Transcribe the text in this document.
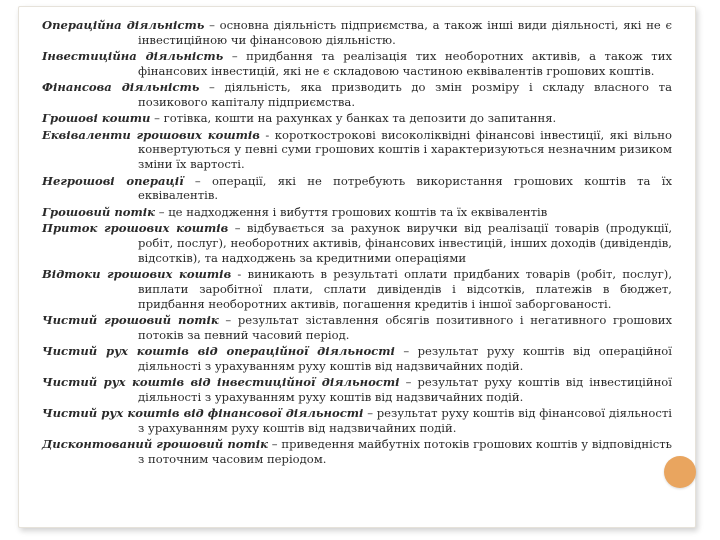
Операційна діяльність – основна діяльність підприємства, а також інші види діяльності, які не є інвестиційною чи фінансовою діяльністю.

Інвестиційна діяльність – придбання та реалізація тих необоротних активів, а також тих фінансових інвестицій, які не є складовою частиною еквівалентів грошових коштів.

Фінансова діяльність – діяльність, яка призводить до змін розміру і складу власного та позикового капіталу підприємства.

Грошові кошти – готівка, кошти на рахунках у банках та депозити до запитання.

Еквіваленти грошових коштів - короткострокові високоліквідні фінансові інвестиції, які вільно конвертуються у певні суми грошових коштів і характеризуються незначним ризиком зміни їх вартості.

Негрошові операції – операції, які не потребують використання грошових коштів та їх еквівалентів.

Грошовий потік – це надходження і вибуття грошових коштів та їх еквівалентів

Приток грошових коштів – відбувається за рахунок виручки від реалізації товарів (продукції, робіт, послуг), необоротних активів, фінансових інвестицій, інших доходів (дивідендів, відсотків), та надходжень за кредитними операціями

Відтоки грошових коштів - виникають в результаті оплати придбаних товарів (робіт, послуг), виплати заробітної плати, сплати дивідендів і відсотків, платежів в бюджет, придбання необоротних активів, погашення кредитів і іншої заборгованості.

Чистий грошовий потік – результат зіставлення обсягів позитивного і негативного грошових потоків за певний часовий період.

Чистий рух коштів від операційної діяльності – результат руху коштів від операційної діяльності з урахуванням руху коштів від надзвичайних подій.

Чистий рух коштів від інвестиційної діяльності – результат руху коштів від інвестиційної діяльності з урахуванням руху коштів від надзвичайних подій.

Чистий рух коштів від фінансової діяльності – результат руху коштів від фінансової діяльності з урахуванням руху коштів від надзвичайних подій.

Дисконтований грошовий потік – приведення майбутніх потоків грошових коштів у відповідність з поточним часовим періодом.
